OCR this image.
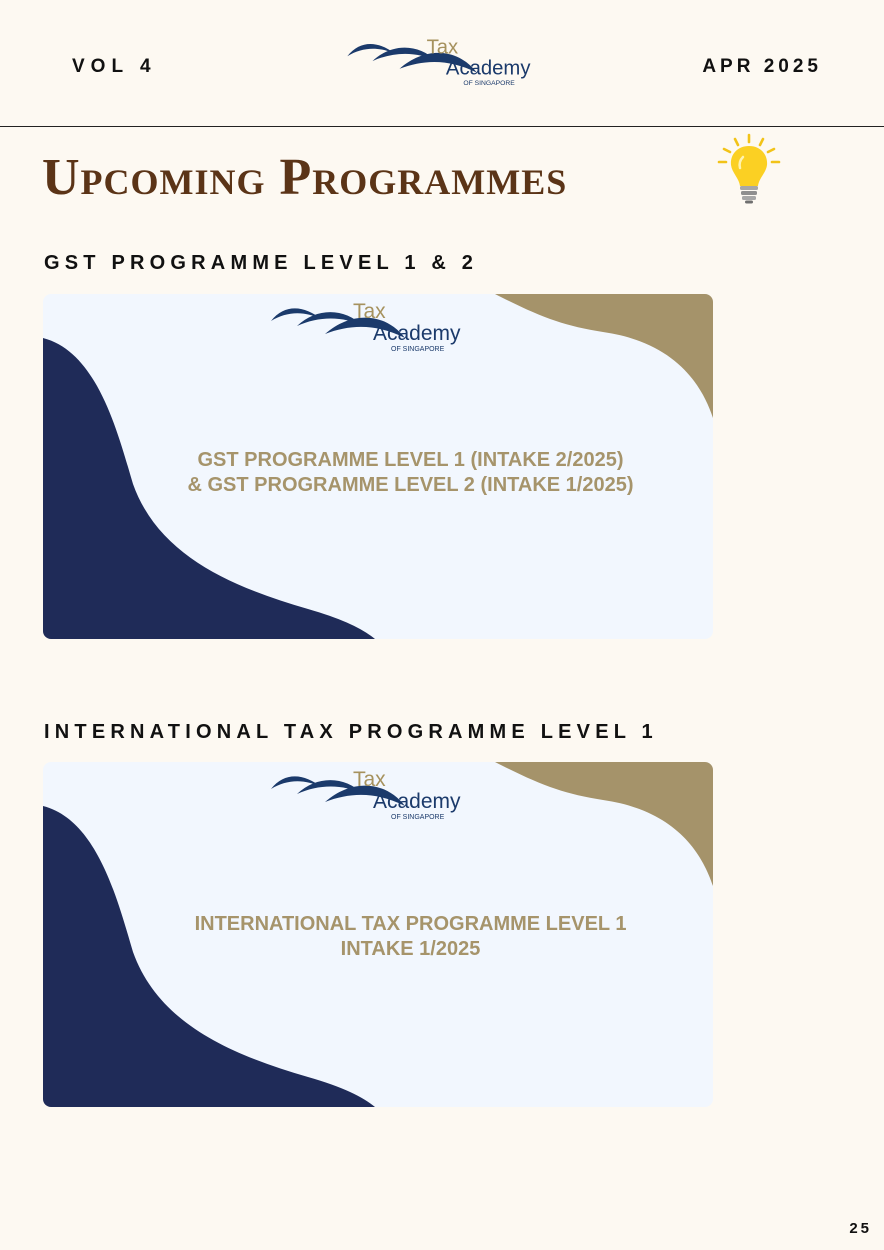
VOL 4
Tax
Academy
OF SINGAPORE
APR 2025
Upcoming Programmes
GST PROGRAMME LEVEL 1 & 2
Tax
Academy
OF SINGAPORE
GST PROGRAMME LEVEL 1 (INTAKE 2/2025)
& GST PROGRAMME LEVEL 2 (INTAKE 1/2025)
INTERNATIONAL TAX PROGRAMME LEVEL 1
Tax
Academy
OF SINGAPORE
INTERNATIONAL TAX PROGRAMME LEVEL 1
INTAKE 1/2025
25
